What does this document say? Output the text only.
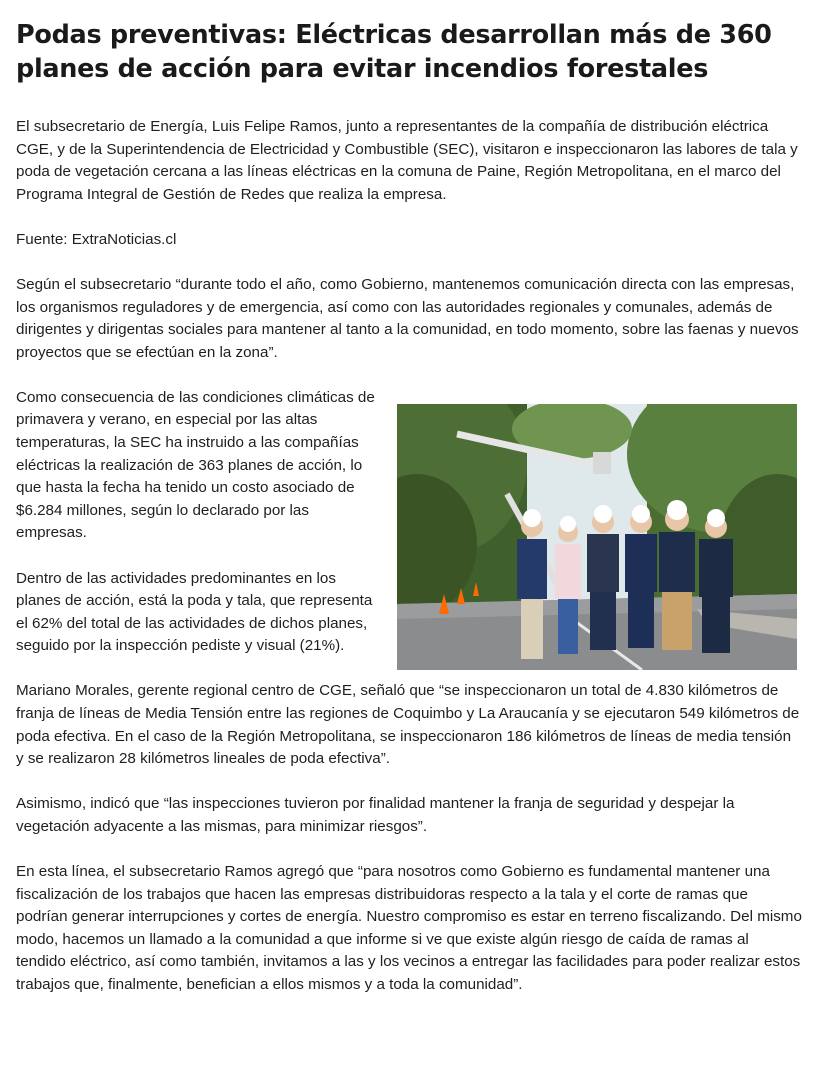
Podas preventivas: Eléctricas desarrollan más de 360 planes de acción para evitar incendios forestales

El subsecretario de Energía, Luis Felipe Ramos, junto a representantes de la compañía de distribución eléctrica CGE, y de la Superintendencia de Electricidad y Combustible (SEC), visitaron e inspeccionaron las labores de tala y poda de vegetación cercana a las líneas eléctricas en la comuna de Paine, Región Metropolitana, en el marco del Programa Integral de Gestión de Redes que realiza la empresa.

Fuente: ExtraNoticias.cl

Según el subsecretario “durante todo el año, como Gobierno, mantenemos comunicación directa con las empresas, los organismos reguladores y de emergencia, así como con las autoridades regionales y comunales, además de dirigentes y dirigentas sociales para mantener al tanto a la comunidad, en todo momento, sobre las faenas y nuevos proyectos que se efectúan en la zona”.

Como consecuencia de las condiciones climáticas de primavera y verano, en especial por las altas temperaturas, la SEC ha instruido a las compañías eléctricas la realización de 363 planes de acción, lo que hasta la fecha ha tenido un costo asociado de $6.284 millones, según lo declarado por las empresas.

Dentro de las actividades predominantes en los planes de acción, está la poda y tala, que representa el 62% del total de las actividades de dichos planes, seguido por la inspección pediste y visual (21%).

Mariano Morales, gerente regional centro de CGE, señaló que “se inspeccionaron un total de 4.830 kilómetros de franja de líneas de Media Tensión entre las regiones de Coquimbo y La Araucanía y se ejecutaron 549 kilómetros de poda efectiva. En el caso de la Región Metropolitana, se inspeccionaron 186 kilómetros de líneas de media tensión y se realizaron 28 kilómetros lineales de poda efectiva”.

Asimismo, indicó que “las inspecciones tuvieron por finalidad mantener la franja de seguridad y despejar la vegetación adyacente a las mismas, para minimizar riesgos”.

En esta línea, el subsecretario Ramos agregó que “para nosotros como Gobierno es fundamental mantener una fiscalización de los trabajos que hacen las empresas distribuidoras respecto a la tala y el corte de ramas que podrían generar interrupciones y cortes de energía. Nuestro compromiso es estar en terreno fiscalizando. Del mismo modo, hacemos un llamado a la comunidad a que informe si ve que existe algún riesgo de caída de ramas al tendido eléctrico, así como también, invitamos a las y los vecinos a entregar las facilidades para poder realizar estos trabajos que, finalmente, benefician a ellos mismos y a toda la comunidad”.
